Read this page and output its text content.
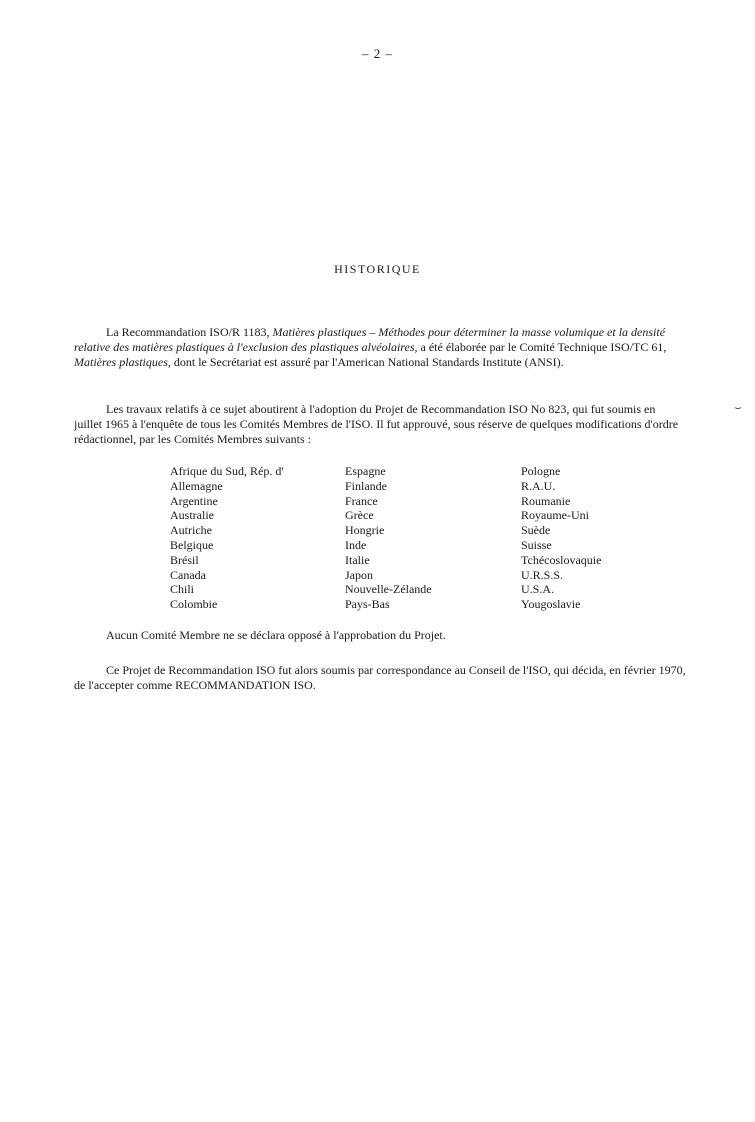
– 2 –
HISTORIQUE

La Recommandation ISO/R 1183, Matières plastiques – Méthodes pour déterminer la masse volumique et la densité relative des matières plastiques à l'exclusion des plastiques alvéolaires, a été élaborée par le Comité Technique ISO/TC 61, Matières plastiques, dont le Secrétariat est assuré par l'American National Standards Institute (ANSI).

⌣

Les travaux relatifs à ce sujet aboutirent à l'adoption du Projet de Recommandation ISO No 823, qui fut soumis en juillet 1965 à l'enquête de tous les Comités Membres de l'ISO. Il fut approuvé, sous réserve de quelques modifications d'ordre rédactionnel, par les Comités Membres suivants :

Afrique du Sud, Rép. d'
Allemagne
Argentine
Australie
Autriche
Belgique
Brésil
Canada
Chili
Colombie
Espagne
Finlande
France
Grèce
Hongrie
Inde
Italie
Japon
Nouvelle-Zélande
Pays-Bas
Pologne
R.A.U.
Roumanie
Royaume-Uni
Suède
Suisse
Tchécoslovaquie
U.R.S.S.
U.S.A.
Yougoslavie

Aucun Comité Membre ne se déclara opposé à l'approbation du Projet.

Ce Projet de Recommandation ISO fut alors soumis par correspondance au Conseil de l'ISO, qui décida, en février 1970, de l'accepter comme RECOMMANDATION ISO.
